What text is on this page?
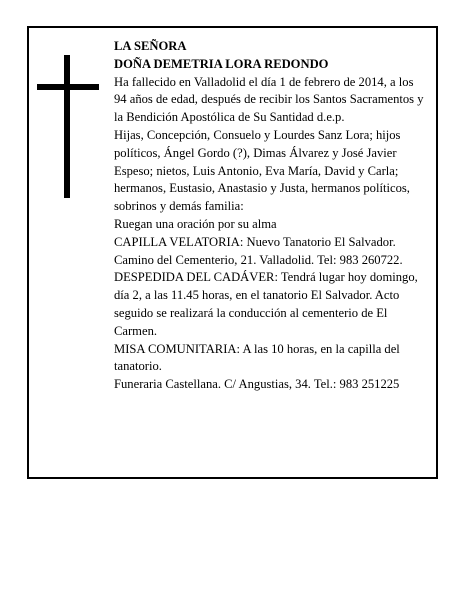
LA SEÑORA

DOÑA DEMETRIA LORA REDONDO

Ha fallecido en Valladolid el día 1 de febrero de 2014, a los 94 años de edad, después de recibir los Santos Sacramentos y la Bendición Apostólica de Su Santidad d.e.p.

Hijas, Concepción, Consuelo y Lourdes Sanz Lora; hijos políticos, Ángel Gordo (?), Dimas Álvarez y José Javier Espeso; nietos, Luis Antonio, Eva María, David y Carla; hermanos, Eustasio, Anastasio y Justa, hermanos políticos, sobrinos y demás familia:

Ruegan una oración por su alma

CAPILLA VELATORIA: Nuevo Tanatorio El Salvador. Camino del Cementerio, 21. Valladolid. Tel: 983 260722.

DESPEDIDA DEL CADÁVER: Tendrá lugar hoy domingo, día 2, a las 11.45 horas, en el tanatorio El Salvador. Acto seguido se realizará la conducción al cementerio de El Carmen.

MISA COMUNITARIA: A las 10 horas, en la capilla del tanatorio.

Funeraria Castellana. C/ Angustias, 34. Tel.: 983 251225
